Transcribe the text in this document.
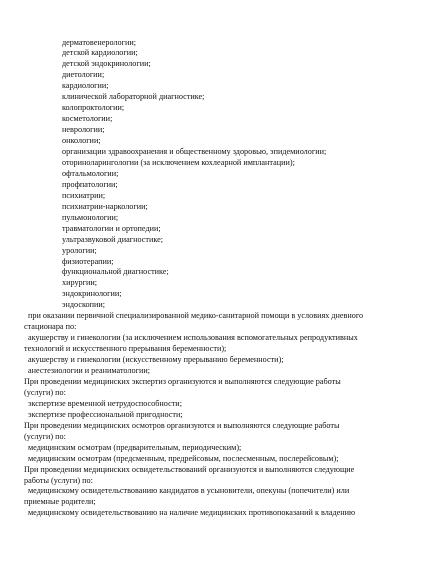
дерматовенерологии;
детской кардиологии;
детской эндокринологии;
диетологии;
кардиологии;
клинической лабораторной диагностике;
колопроктологии;
косметологии;
неврологии;
онкологии;
организации здравоохранения и общественному здоровью, эпидемиологии;
оториноларингологии (за исключением кохлеарной имплантации);
офтальмологии;
профпатологии;
психиатрии;
психиатрии-наркологии;
пульмонологии;
травматологии и ортопедии;
ультразвуковой диагностике;
урологии;
физиотерапии;
функциональной диагностике;
хирургии;
эндокринологии;
эндоскопии;
при оказании первичной специализированной медико-санитарной помощи в условиях дневного
стационара по:
акушерству и гинекологии (за исключением использования вспомогательных репродуктивных
технологий и искусственного прерывания беременности);
акушерству и гинекологии (искусственному прерыванию беременности);
анестезиологии и реаниматологии;
При проведении медицинских экспертиз организуются и выполняются следующие работы
(услуги) по:
экспертизе временной нетрудоспособности;
экспертизе профессиональной пригодности;
При проведении медицинских осмотров организуются и выполняются следующие работы
(услуги) по:
медицинским осмотрам (предварительным, периодическим);
медицинским осмотрам (предсменным, предрейсовым, послесменным, послерейсовым);
При проведении медицинских освидетельствований организуются и выполняются следующие
работы (услуги) по:
медицинскому освидетельствованию кандидатов в усыновители, опекуны (попечители) или
приемные родители;
медицинскому освидетельствованию на наличие медицинских противопоказаний к владению
